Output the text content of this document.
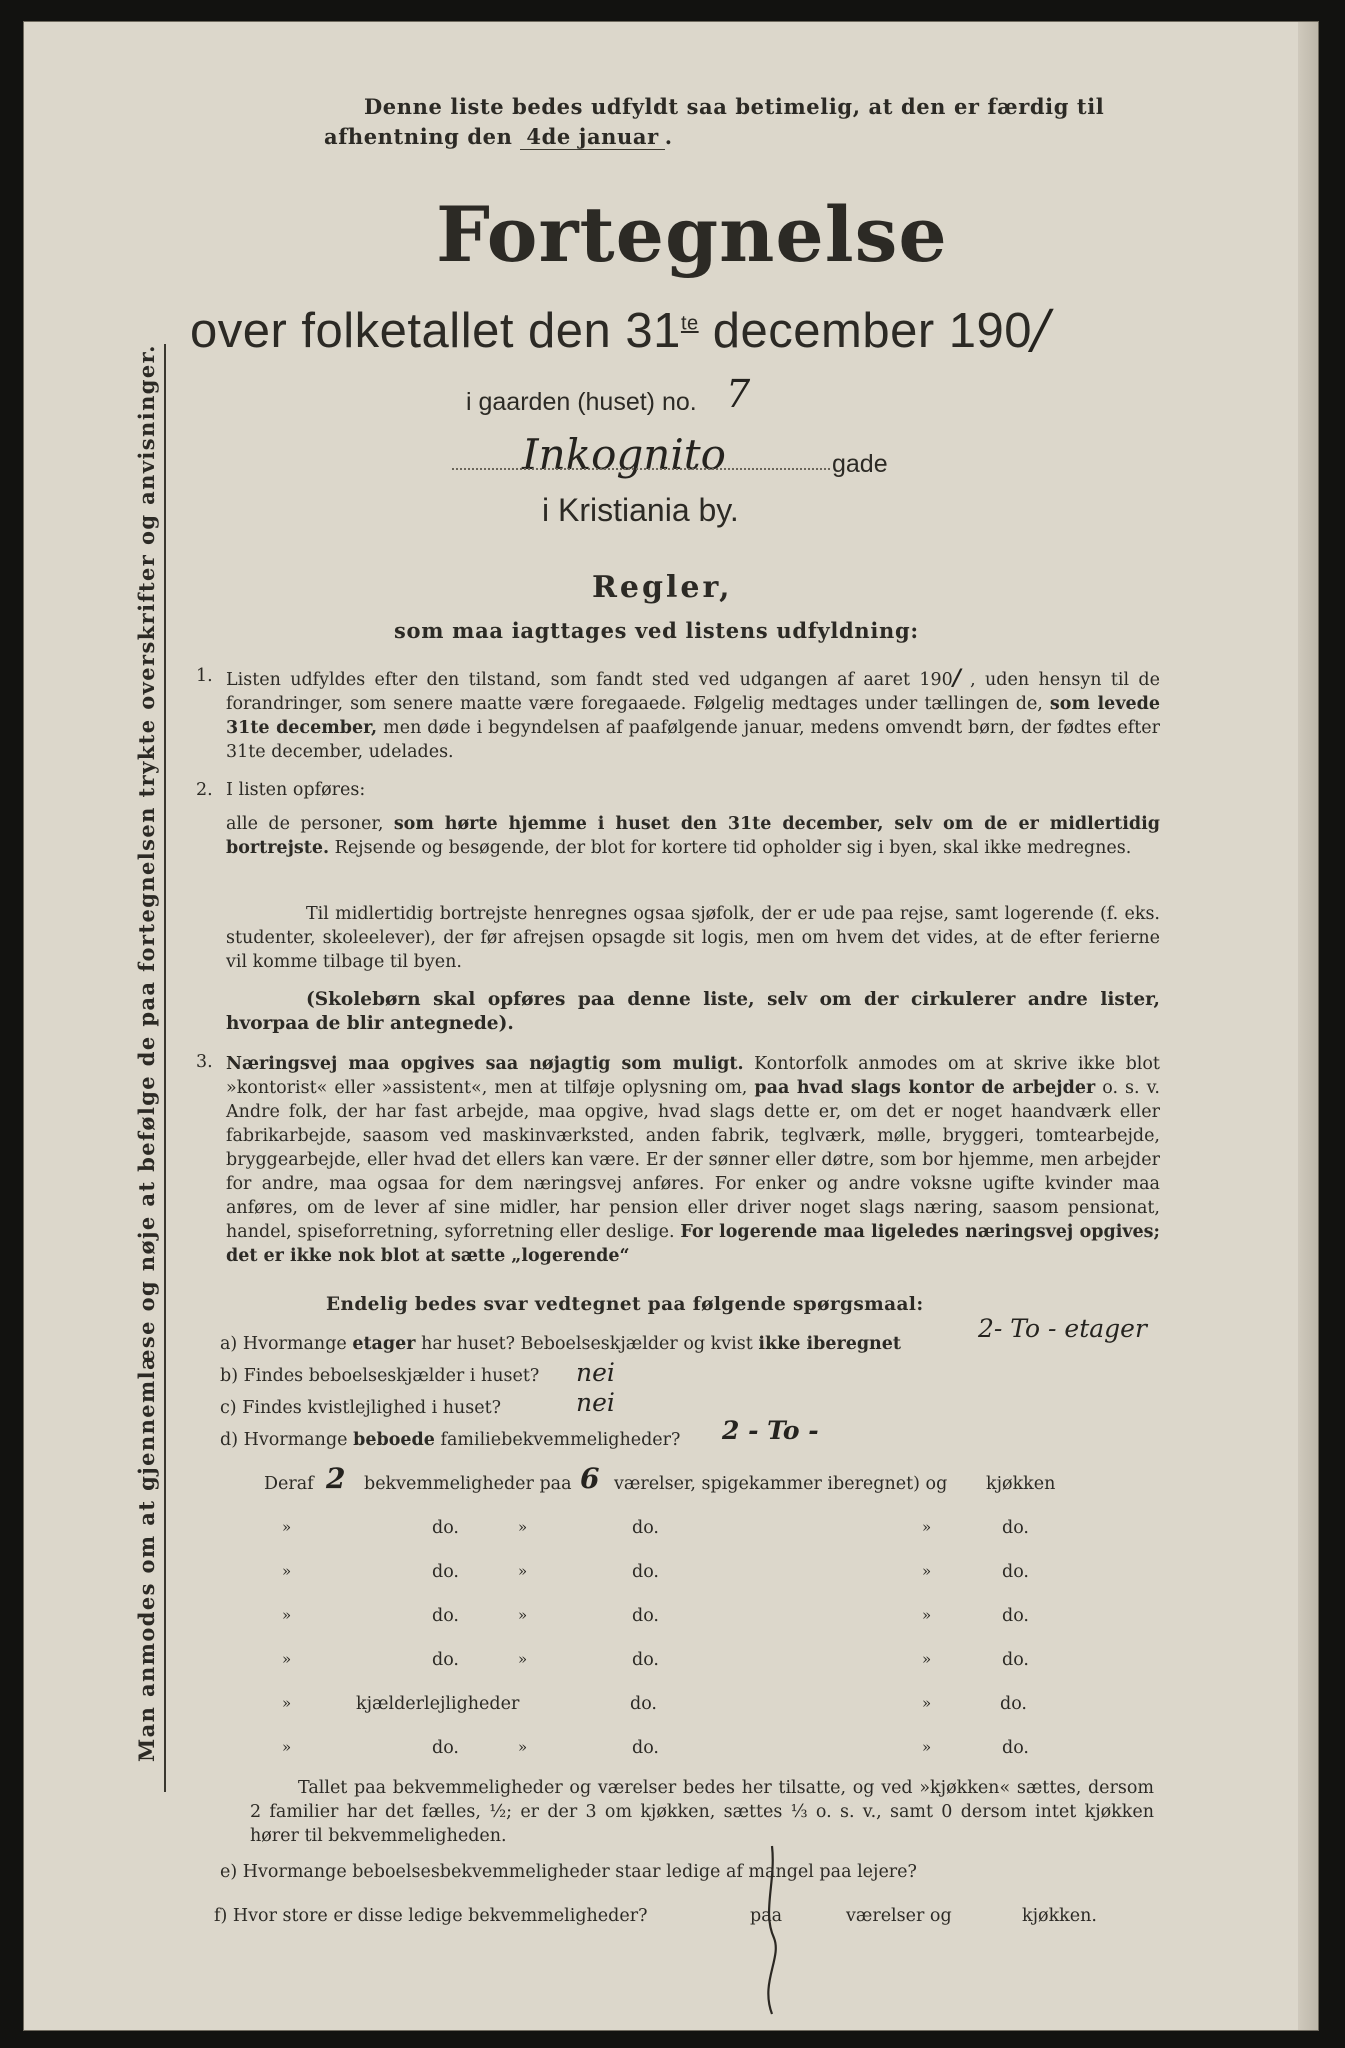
Man anmodes om at gjennemlæse og nøje at befølge de paa fortegnelsen trykte overskrifter og anvisninger.
Denne liste bedes udfyldt saa betimelig, at den er færdig til
afhentning den 4de januar .
Fortegnelse
over folketallet den $31^{te}$ december 190/
i gaarden (huset) no. 7
Inkognito	gade
i Kristiania by.
Regler,
som maa iagttages ved listens udfyldning:
1. Listen udfyldes efter den tilstand, som fandt sted ved udgangen af aaret 190/ , uden hensyn til de forandringer, som senere maatte være foregaaede. Følgelig medtages under tællingen de, som levede 31te december, men døde i begyndelsen af paafølgende januar, medens omvendt børn, der fødtes efter 31te december, udelades.
2. I listen opføres:
alle de personer, som hørte hjemme i huset den 31te december, selv om de er midlertidig bortrejste. Rejsende og besøgende, der blot for kortere tid opholder sig i byen, skal ikke medregnes.
Til midlertidig bortrejste henregnes ogsaa sjøfolk, der er ude paa rejse, samt logerende (f. eks. studenter, skoleelever), der før afrejsen opsagde sit logis, men om hvem det vides, at de efter ferierne vil komme tilbage til byen.
(Skolebørn skal opføres paa denne liste, selv om der cirkulerer andre lister, hvorpaa de blir antegnede).
3. Næringsvej maa opgives saa nøjagtig som muligt. Kontorfolk anmodes om at skrive ikke blot »kontorist« eller »assistent«, men at tilføje oplysning om, paa hvad slags kontor de arbejder o. s. v. Andre folk, der har fast arbejde, maa opgive, hvad slags dette er, om det er noget haandværk eller fabrikarbejde, saasom ved maskinværksted, anden fabrik, teglværk, mølle, bryggeri, tomtearbejde, bryggearbejde, eller hvad det ellers kan være. Er der sønner eller døtre, som bor hjemme, men arbejder for andre, maa ogsaa for dem næringsvej anføres. For enker og andre voksne ugifte kvinder maa anføres, om de lever af sine midler, har pension eller driver noget slags næring, saasom pensionat, handel, spiseforretning, syforretning eller deslige. For logerende maa ligeledes næringsvej opgives; det er ikke nok blot at sætte „logerende“
Endelig bedes svar vedtegnet paa følgende spørgsmaal:
a) Hvormange etager har huset? Beboelseskjælder og kvist ikke iberegnet
2- To - etager
b) Findes beboelseskjælder i huset? nei
c) Findes kvistlejlighed i huset?	nei
d) Hvormange beboede familiebekvemmeligheder? 2 - To -
Deraf 2 bekvemmeligheder paa 6 værelser, spigekammer iberegnet) og kjøkken
»	do.	»	do.	»	do.
»	do.	»	do.	»	do.
»	do.	»	do.	»	do.
»	do.	»	do.	»	do.
»	kjælderlejligheder	do.	»	do.
»	do.	»	do.	»	do.
Tallet paa bekvemmeligheder og værelser bedes her tilsatte, og ved »kjøkken« sættes, dersom 2 familier har det fælles, ½; er der 3 om kjøkken, sættes ⅓ o. s. v., samt 0 dersom intet kjøkken hører til bekvemmeligheden.
e) Hvormange beboelsesbekvemmeligheder staar ledige af mangel paa lejere?
f) Hvor store er disse ledige bekvemmeligheder?	paa	værelser og	kjøkken.
